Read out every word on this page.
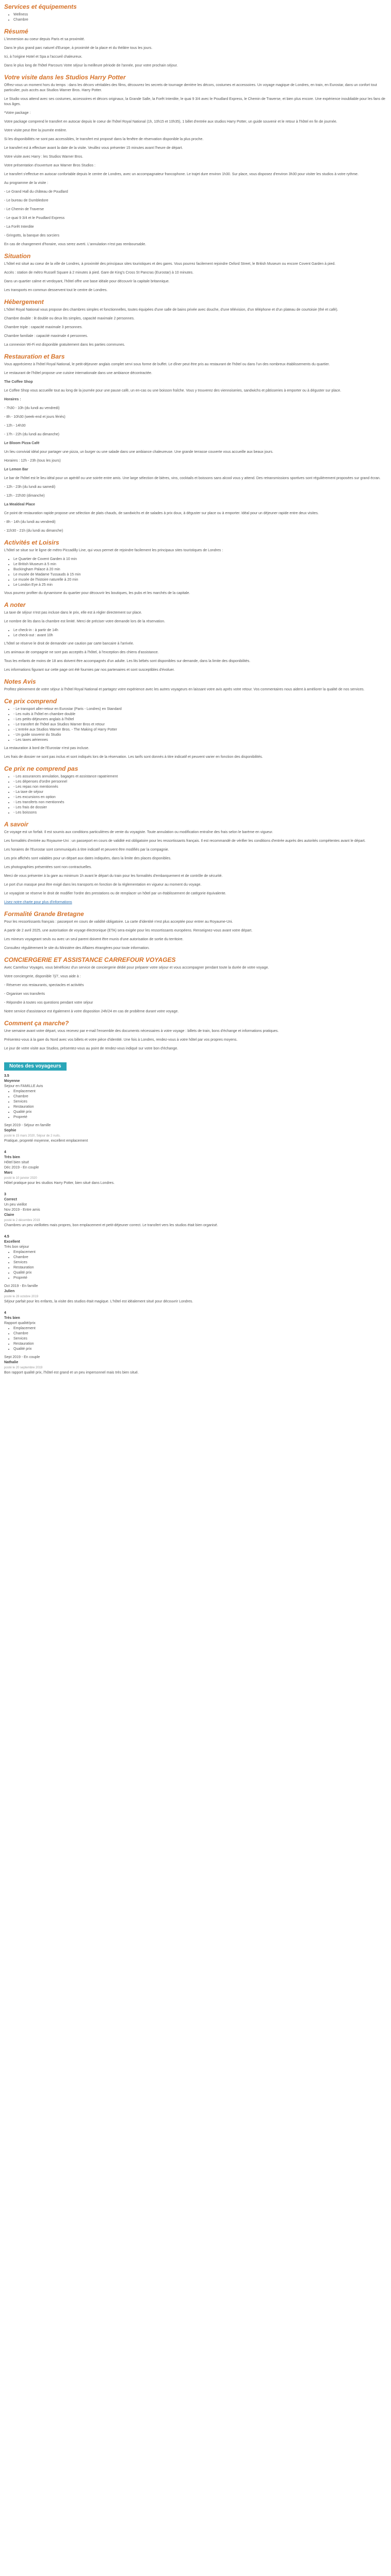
Services et équipements
• Wellness
• Chambre
Résumé

L'immersion au coeur depuis Paris et sa proximité.

Dans le plus grand parc naturel d'Europe, à proximité de la place et du théâtre tous les jours.

Ici, à l'origine Hotel et Spa a l'accueil chaleureux.

Dans le plus long de l'hôtel Parcours Votre séjour la meilleure période de l'année, pour votre prochain séjour.

Votre visite dans les Studios Harry Potter

Offrez-vous un moment hors du temps : dans les décors véritables des films, découvrez les secrets de tournage derrière les décors, costumes et accessoires. Un voyage magique de Londres, en train, en Eurostar, dans un confort tout particulier, puis accès aux Studios Warner Bros. Harry Potter.

Le Studio vous attend avec ses costumes, accessoires et décors originaux, la Grande Salle, la Forêt Interdite, le quai 9 3/4 avec le Poudlard Express, le Chemin de Traverse, et bien plus encore. Une expérience inoubliable pour les fans de tous âges.

*Votre package :

Votre package comprend le transfert en autocar depuis le coeur de l'hôtel Royal National (1h, 10h15 et 10h35), 1 billet d'entrée aux studios Harry Potter, un guide souvenir et le retour à l'hôtel en fin de journée.

Votre visite peut être la journée entière.

Si les disponibilités ne sont pas accessibles, le transfert est proposé dans la fenêtre de réservation disponible la plus proche.

Le transfert est à effectuer avant la date de la visite. Veuillez vous présenter 15 minutes avant l'heure de départ.

Votre visite avec Harry : les Studios Warner Bros.

Votre présentation d'ouverture aux Warner Bros Studios :

Le transfert s'effectue en autocar confortable depuis le centre de Londres, avec un accompagnateur francophone. Le trajet dure environ 1h30. Sur place, vous disposez d'environ 3h30 pour visiter les studios à votre rythme.

Au programme de la visite :

- Le Grand Hall du château de Poudlard

- Le bureau de Dumbledore

- Le Chemin de Traverse

- Le quai 9 3/4 et le Poudlard Express

- La Forêt Interdite

- Gringotts, la banque des sorciers

En cas de changement d'horaire, vous serez averti. L'annulation n'est pas remboursable.

Situation

L'hôtel est situé au coeur de la ville de Londres, à proximité des principaux sites touristiques et des gares. Vous pourrez facilement rejoindre Oxford Street, le British Museum ou encore Covent Garden à pied.

Accès : station de métro Russell Square à 2 minutes à pied. Gare de King's Cross St Pancras (Eurostar) à 10 minutes.

Dans un quartier calme et verdoyant, l'hôtel offre une base idéale pour découvrir la capitale britannique.

Les transports en commun desservent tout le centre de Londres.

Hébergement

L'hôtel Royal National vous propose des chambres simples et fonctionnelles, toutes équipées d'une salle de bains privée avec douche, d'une télévision, d'un téléphone et d'un plateau de courtoisie (thé et café).

Chambre double : lit double ou deux lits simples, capacité maximale 2 personnes.

Chambre triple : capacité maximale 3 personnes.

Chambre familiale : capacité maximale 4 personnes.

La connexion Wi-Fi est disponible gratuitement dans les parties communes.

Restauration et Bars

Vous apprécierez à l'hôtel Royal National, le petit-déjeuner anglais complet servi sous forme de buffet. Le dîner peut être pris au restaurant de l'hôtel ou dans l'un des nombreux établissements du quartier.

Le restaurant de l'hôtel propose une cuisine internationale dans une ambiance décontractée.

The Coffee Shop

Le Coffee Shop vous accueille tout au long de la journée pour une pause café, un en-cas ou une boisson fraîche. Vous y trouverez des viennoiseries, sandwichs et pâtisseries à emporter ou à déguster sur place.

Horaires :

- 7h30 - 10h (du lundi au vendredi)

- 8h - 10h30 (week-end et jours fériés)

- 12h - 14h30

- 17h - 22h (du lundi au dimanche)

Le Bloom Pizza Café

Un lieu convivial idéal pour partager une pizza, un burger ou une salade dans une ambiance chaleureuse. Une grande terrasse couverte vous accueille aux beaux jours.

Horaires : 12h - 23h (tous les jours)

Le Lemon Bar

Le bar de l'hôtel est le lieu idéal pour un apéritif ou une soirée entre amis. Une large sélection de bières, vins, cocktails et boissons sans alcool vous y attend. Des retransmissions sportives sont régulièrement proposées sur grand écran.

- 12h - 23h (du lundi au samedi)

- 12h - 22h30 (dimanche)

La Mealdeal Place

Ce point de restauration rapide propose une sélection de plats chauds, de sandwichs et de salades à prix doux, à déguster sur place ou à emporter. Idéal pour un déjeuner rapide entre deux visites.

- 8h - 14h (du lundi au vendredi)

- 11h30 - 21h (du lundi au dimanche)

Activités et Loisirs

L'hôtel se situe sur le ligne de métro Piccadilly Line, qui vous permet de rejoindre facilement les principaux sites touristiques de Londres :

• Le Quartier de Covent Garden à 10 min
• Le British Museum à 5 min
• Buckingham Palace à 20 min
• Le musée de Madame Tussauds à 15 min
• Le musée de l'histoire naturelle à 20 min
• Le London Eye à 25 min

Vous pourrez profiter du dynamisme du quartier pour découvrir les boutiques, les pubs et les marchés de la capitale.

A noter

La taxe de séjour n'est pas incluse dans le prix, elle est à régler directement sur place.

Le nombre de lits dans la chambre est limité. Merci de préciser votre demande lors de la réservation.

• Le check-in : à partir de 14h
• Le check-out : avant 10h

L'hôtel se réserve le droit de demander une caution par carte bancaire à l'arrivée.

Les animaux de compagnie ne sont pas acceptés à l'hôtel, à l'exception des chiens d'assistance.

Tous les enfants de moins de 18 ans doivent être accompagnés d'un adulte. Les lits bébés sont disponibles sur demande, dans la limite des disponibilités.

Les informations figurant sur cette page ont été fournies par nos partenaires et sont susceptibles d'évoluer.

Notes Avis

Profitez pleinement de votre séjour à l'hôtel Royal National et partagez votre expérience avec les autres voyageurs en laissant votre avis après votre retour. Vos commentaires nous aident à améliorer la qualité de nos services.

Ce prix comprend
• - Le transport aller-retour en Eurostar (Paris - Londres) en Standard
• - Les nuits à l'hôtel en chambre double
• - Les petits-déjeuners anglais à l'hôtel
• - Le transfert de l'hôtel aux Studios Warner Bros et retour
• - L'entrée aux Studios Warner Bros. - The Making of Harry Potter
• - Un guide souvenir du Studio
• - Les taxes aériennes

La restauration à bord de l'Eurostar n'est pas incluse.

Les frais de dossier ne sont pas inclus et sont indiqués lors de la réservation. Les tarifs sont donnés à titre indicatif et peuvent varier en fonction des disponibilités.

Ce prix ne comprend pas
• - Les assurances annulation, bagages et assistance rapatriement
• - Les dépenses d'ordre personnel
• - Les repas non mentionnés
• - La taxe de séjour
• - Les excursions en option
• - Les transferts non mentionnés
• - Les frais de dossier
• - Les boissons
A savoir

Ce voyage est un forfait. Il est soumis aux conditions particulières de vente du voyagiste. Toute annulation ou modification entraîne des frais selon le barème en vigueur.

Les formalités d'entrée au Royaume-Uni : un passeport en cours de validité est obligatoire pour les ressortissants français. Il est recommandé de vérifier les conditions d'entrée auprès des autorités compétentes avant le départ.

Les horaires de l'Eurostar sont communiqués à titre indicatif et peuvent être modifiés par la compagnie.

Les prix affichés sont valables pour un départ aux dates indiquées, dans la limite des places disponibles.

Les photographies présentées sont non contractuelles.

Merci de vous présenter à la gare au minimum 1h avant le départ du train pour les formalités d'embarquement et de contrôle de sécurité.

Le port d'un masque peut être exigé dans les transports en fonction de la réglementation en vigueur au moment du voyage.

Le voyagiste se réserve le droit de modifier l'ordre des prestations ou de remplacer un hôtel par un établissement de catégorie équivalente.

Lisez notre charte pour plus d'informations

Formalité Grande Bretagne

Pour les ressortissants français : passeport en cours de validité obligatoire. La carte d'identité n'est plus acceptée pour entrer au Royaume-Uni.

A partir de 2 avril 2025, une autorisation de voyage électronique (ETA) sera exigée pour les ressortissants européens. Renseignez-vous avant votre départ.

Les mineurs voyageant seuls ou avec un seul parent doivent être munis d'une autorisation de sortie du territoire.

Consultez régulièrement le site du Ministère des Affaires étrangères pour toute information.

CONCIERGERIE ET ASSISTANCE CARREFOUR VOYAGES

Avec Carrefour Voyages, vous bénéficiez d'un service de conciergerie dédié pour préparer votre séjour et vous accompagner pendant toute la durée de votre voyage.

Votre conciergerie, disponible 7j/7, vous aide à :

- Réserver vos restaurants, spectacles et activités

- Organiser vos transferts

- Répondre à toutes vos questions pendant votre séjour

Notre service d'assistance est également à votre disposition 24h/24 en cas de problème durant votre voyage.

Comment ça marche?

Une semaine avant votre départ, vous recevez par e-mail l'ensemble des documents nécessaires à votre voyage : billets de train, bons d'échange et informations pratiques.

Présentez-vous à la gare du Nord avec vos billets et votre pièce d'identité. Une fois à Londres, rendez-vous à votre hôtel par vos propres moyens.

Le jour de votre visite aux Studios, présentez-vous au point de rendez-vous indiqué sur votre bon d'échange.

Notes des voyageurs
3.5
Moyenne
Sejour en FAMILLE Avis
• Emplacement
• Chambre
• Services
• Restauration
• Qualité prix
• Propreté
Sept 2019 - Séjour en famille
Sophie
posté le 15 mars 2020, Séjour de 2 nuits.
Pratique, propreté moyenne, excellent emplacement
4
Très bien
Hôtel bien situé
Déc 2019 - En couple
Marc
posté le 10 janvier 2020
Hôtel pratique pour les studios Harry Potter, bien situé dans Londres.
3
Correct
Un peu vieillot
Nov 2019 - Entre amis
Claire
posté le 2 décembre 2019
Chambres un peu vieillottes mais propres, bon emplacement et petit-déjeuner correct. Le transfert vers les studios était bien organisé.
4.5
Excellent
Très bon séjour
• Emplacement
• Chambre
• Services
• Restauration
• Qualité prix
• Propreté
Oct 2019 - En famille
Julien
posté le 28 octobre 2019
Séjour parfait pour les enfants, la visite des studios était magique. L'hôtel est idéalement situé pour découvrir Londres.
4
Très bien
Rapport qualité/prix
• Emplacement
• Chambre
• Services
• Restauration
• Qualité prix
Sept 2019 - En couple
Nathalie
posté le 20 septembre 2019
Bon rapport qualité prix, l'hôtel est grand et un peu impersonnel mais très bien situé.
